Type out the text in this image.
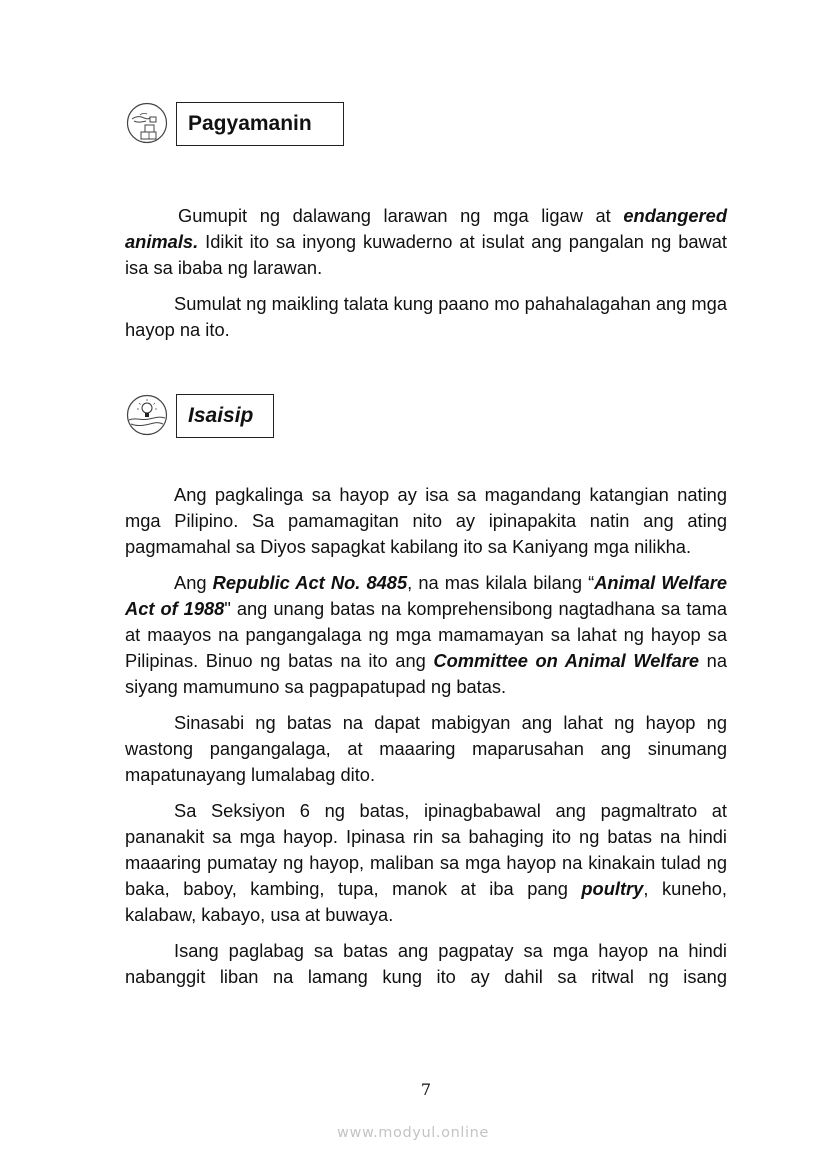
Pagyamanin

Gumupit ng dalawang larawan ng mga ligaw at endangered animals. Idikit ito sa inyong kuwaderno at isulat ang pangalan ng bawat isa sa ibaba ng larawan.

Sumulat ng maikling talata kung paano mo pahahalagahan ang mga hayop na ito.

Isaisip

Ang pagkalinga sa hayop ay isa sa magandang katangian nating mga Pilipino. Sa pamamagitan nito ay ipinapakita natin ang ating pagmamahal sa Diyos sapagkat kabilang ito sa Kaniyang mga nilikha.

Ang Republic Act No. 8485, na mas kilala bilang “Animal Welfare Act of 1988" ang unang batas na komprehensibong nagtadhana sa tama at maayos na pangangalaga ng mga mamamayan sa lahat ng hayop sa Pilipinas. Binuo ng batas na ito ang Committee on Animal Welfare na siyang mamumuno sa pagpapatupad ng batas.

Sinasabi ng batas na dapat mabigyan ang lahat ng hayop ng wastong pangangalaga, at maaaring maparusahan ang sinumang mapatunayang lumalabag dito.

Sa Seksiyon 6 ng batas, ipinagbabawal ang pagmaltrato at pananakit sa mga hayop. Ipinasa rin sa bahaging ito ng batas na hindi maaaring pumatay ng hayop, maliban sa mga hayop na kinakain tulad ng baka, baboy, kambing, tupa, manok at iba pang poultry, kuneho, kalabaw, kabayo, usa at buwaya.

Isang paglabag sa batas ang pagpatay sa mga hayop na hindi nabanggit liban na lamang kung ito ay dahil sa ritwal ng isang

7
www.modyul.online
